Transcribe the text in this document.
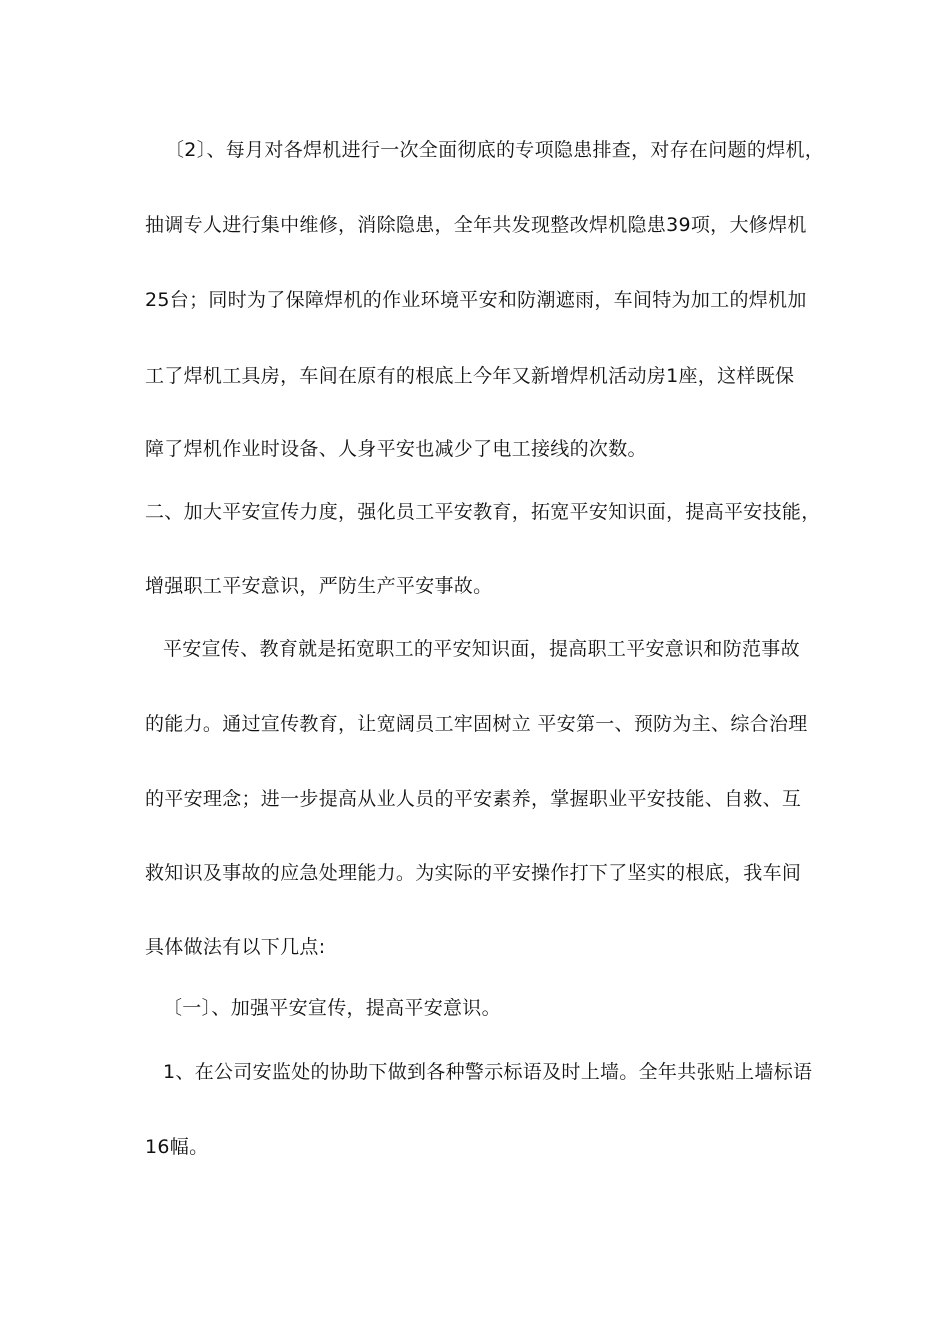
〔2〕、每月对各焊机进行一次全面彻底的专项隐患排查，对存在问题的焊机，
抽调专人进行集中维修，消除隐患，全年共发现整改焊机隐患39项，大修焊机
25台；同时为了保障焊机的作业环境平安和防潮遮雨，车间特为加工的焊机加
工了焊机工具房，车间在原有的根底上今年又新增焊机活动房1座，这样既保
障了焊机作业时设备、人身平安也减少了电工接线的次数。
二、加大平安宣传力度，强化员工平安教育，拓宽平安知识面，提高平安技能，
增强职工平安意识，严防生产平安事故。
平安宣传、教育就是拓宽职工的平安知识面，提高职工平安意识和防范事故
的能力。通过宣传教育，让宽阔员工牢固树立 平安第一、预防为主、综合治理
的平安理念；进一步提高从业人员的平安素养，掌握职业平安技能、自救、互
救知识及事故的应急处理能力。为实际的平安操作打下了坚实的根底，我车间
具体做法有以下几点:
〔一〕、加强平安宣传，提高平安意识。
1、在公司安监处的协助下做到各种警示标语及时上墙。全年共张贴上墙标语
16幅。
